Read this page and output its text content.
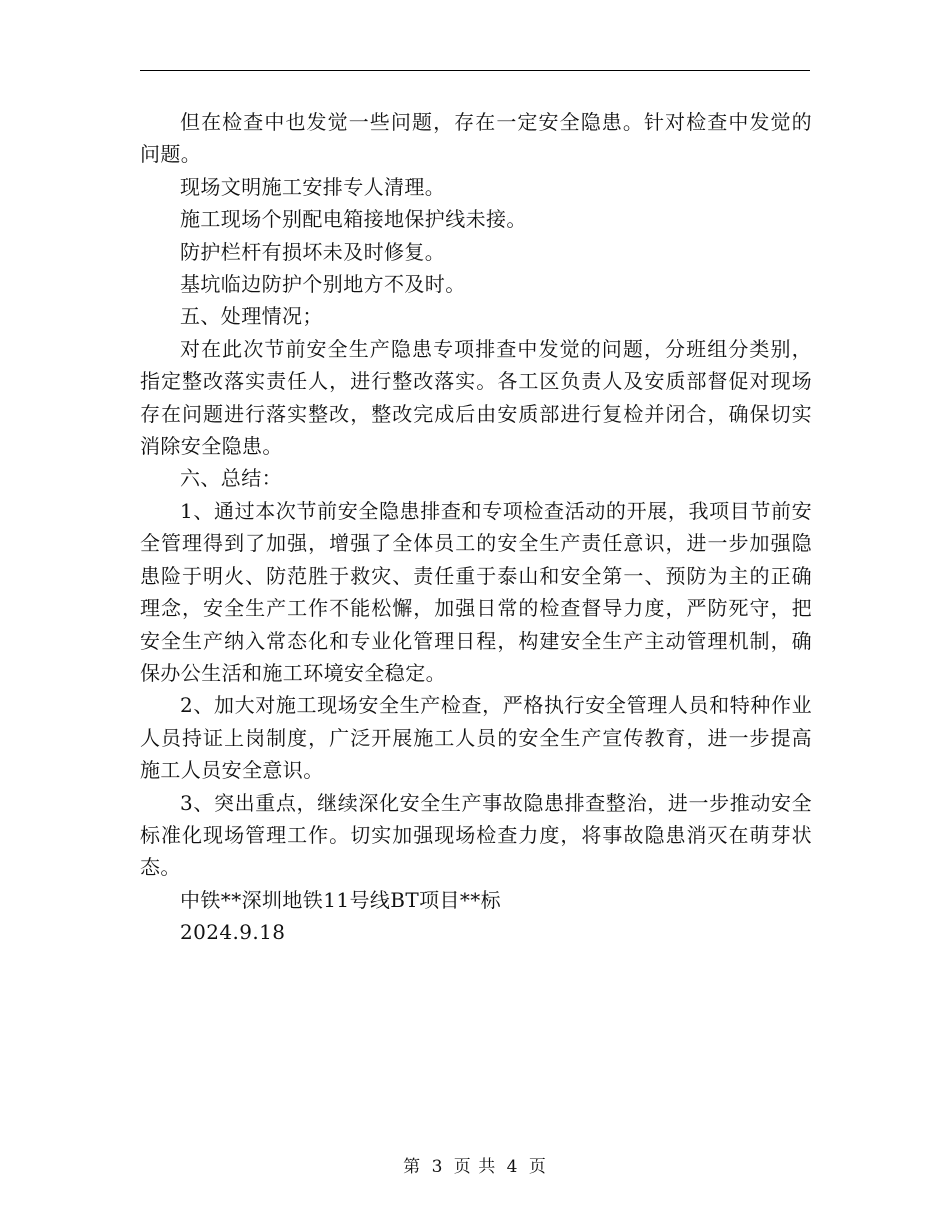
但在检查中也发觉一些问题，存在一定安全隐患。针对检查中发觉的问题。

现场文明施工安排专人清理。

施工现场个别配电箱接地保护线未接。

防护栏杆有损坏未及时修复。

基坑临边防护个别地方不及时。

五、处理情况；

对在此次节前安全生产隐患专项排查中发觉的问题，分班组分类别，指定整改落实责任人，进行整改落实。各工区负责人及安质部督促对现场存在问题进行落实整改，整改完成后由安质部进行复检并闭合，确保切实消除安全隐患。

六、总结：

1、通过本次节前安全隐患排查和专项检查活动的开展，我项目节前安全管理得到了加强，增强了全体员工的安全生产责任意识，进一步加强隐患险于明火、防范胜于救灾、责任重于泰山和安全第一、预防为主的正确理念，安全生产工作不能松懈，加强日常的检查督导力度，严防死守，把安全生产纳入常态化和专业化管理日程，构建安全生产主动管理机制，确保办公生活和施工环境安全稳定。

2、加大对施工现场安全生产检查，严格执行安全管理人员和特种作业人员持证上岗制度，广泛开展施工人员的安全生产宣传教育，进一步提高施工人员安全意识。

3、突出重点，继续深化安全生产事故隐患排查整治，进一步推动安全标准化现场管理工作。切实加强现场检查力度，将事故隐患消灭在萌芽状态。

中铁**深圳地铁11号线BT项目**标

2024.9.18

第 3 页 共 4 页
